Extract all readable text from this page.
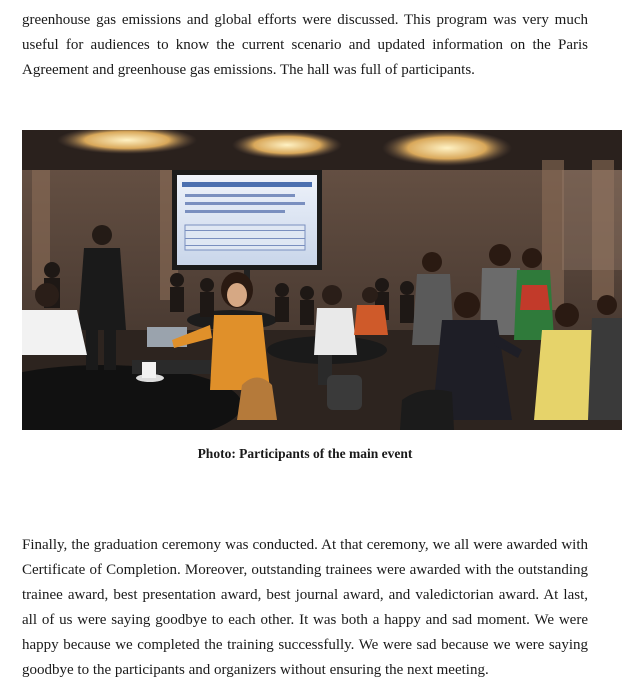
greenhouse gas emissions and global efforts were discussed. This program was very much useful for audiences to know the current scenario and updated information on the Paris Agreement and greenhouse gas emissions. The hall was full of participants.

Photo: Participants of the main event

Finally, the graduation ceremony was conducted. At that ceremony, we all were awarded with Certificate of Completion. Moreover, outstanding trainees were awarded with the outstanding trainee award, best presentation award, best journal award, and valedictorian award. At last, all of us were saying goodbye to each other. It was both a happy and sad moment. We were happy because we completed the training successfully. We were sad because we were saying goodbye to the participants and organizers without ensuring the next meeting.
